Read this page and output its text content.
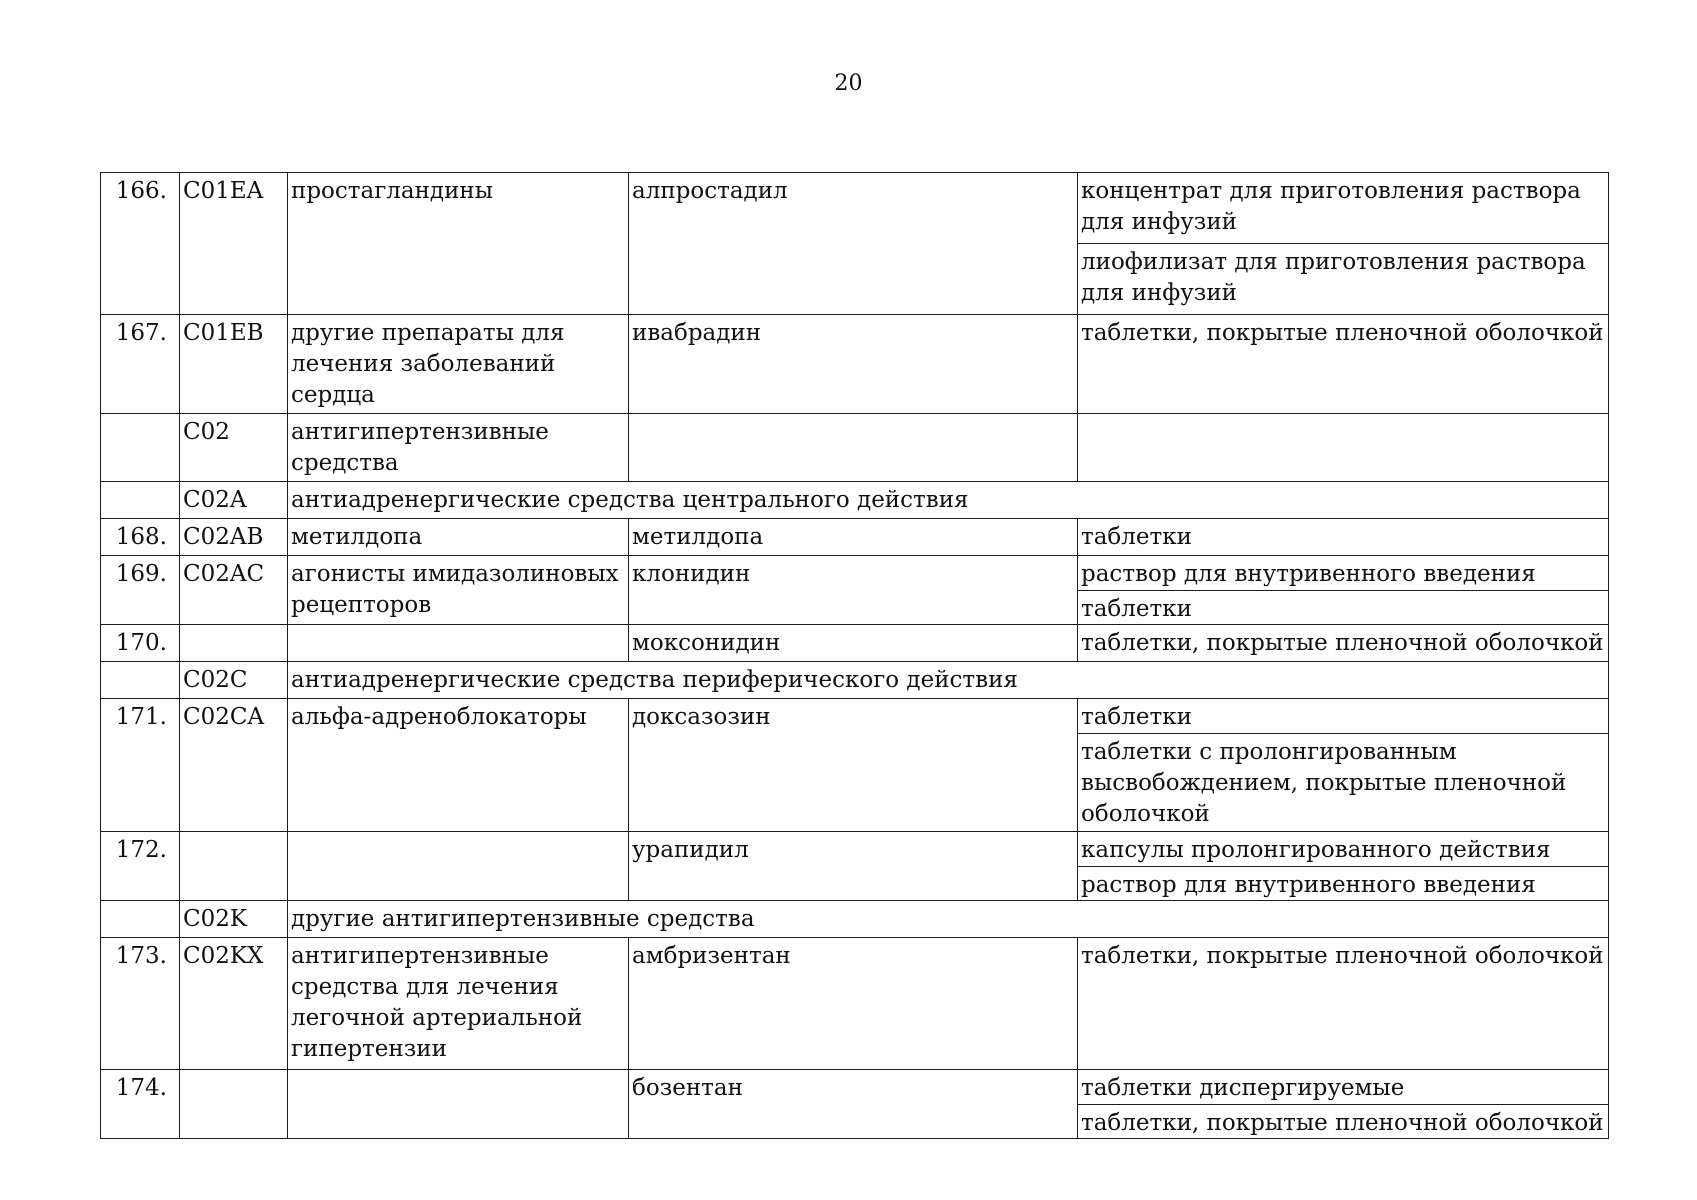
20
166.	C01EA	простагландины	алпростадил	концентрат для приготовления раствора для инфузий
лиофилизат для приготовления раствора для инфузий

167.	C01EB	другие препараты для лечения заболеваний сердца	ивабрадин	таблетки, покрытые пленочной оболочкой

	C02	антигипертензивные средства		
	C02A	антиадренергические средства центрального действия		
168.	C02AB	метилдопа	метилдопа	таблетки

169.	C02AC	агонисты имидазолиновых рецепторов	клонидин	раствор для внутривенного введения
таблетки

170.			моксонидин	таблетки, покрытые пленочной оболочкой

	C02C	антиадренергические средства периферического действия		
171.	C02CA	альфа-адреноблокаторы	доксазозин	таблетки
таблетки с пролонгированным высвобождением, покрытые пленочной оболочкой

172.			урапидил	капсулы пролонгированного действия
раствор для внутривенного введения

	C02K	другие антигипертензивные средства		
173.	C02KX	антигипертензивные средства для лечения легочной артериальной гипертензии	амбризентан	таблетки, покрытые пленочной оболочкой

174.			бозентан	таблетки диспергируемые
таблетки, покрытые пленочной оболочкой
